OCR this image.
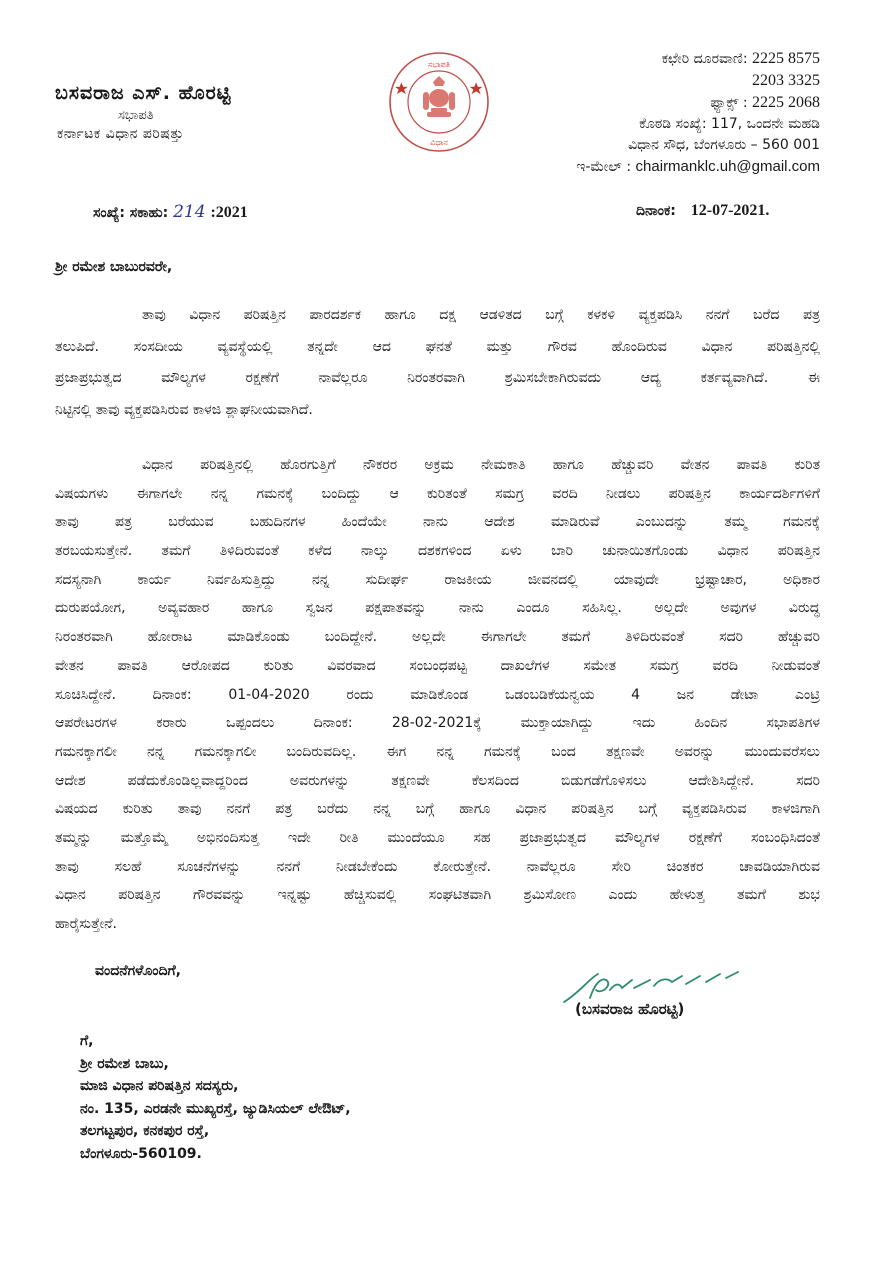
ಬಸವರಾಜ ಎಸ್. ಹೊರಟ್ಟಿ
ಸಭಾಪತಿ
ಕರ್ನಾಟಕ ವಿಧಾನ ಪರಿಷತ್ತು
ಸಭಾಪತಿ
ವಿಧಾನ
ಕಛೇರಿ ದೂರವಾಣಿ: 2225 8575
2203 3325
ಫ್ಯಾಕ್ಸ್ : 2225 2068
ಕೊಠಡಿ ಸಂಖ್ಯೆ: 117, ಒಂದನೇ ಮಹಡಿ
ವಿಧಾನ ಸೌಧ, ಬೆಂಗಳೂರು – 560 001
ಇ-ಮೇಲ್ : chairmanklc.uh@gmail.com
ಸಂಖ್ಯೆ: ಸಕಾಹು: 214 :2021	ದಿನಾಂಕ: 12-07-2021.
ಶ್ರೀ ರಮೇಶ ಬಾಬುರವರೇ,
ತಾವು ವಿಧಾನ ಪರಿಷತ್ತಿನ ಪಾರದರ್ಶಕ ಹಾಗೂ ದಕ್ಷ ಆಡಳಿತದ ಬಗ್ಗೆ ಕಳಕಳಿ ವ್ಯಕ್ತಪಡಿಸಿ ನನಗೆ ಬರೆದ ಪತ್ರ
ತಲುಪಿದೆ. ಸಂಸದೀಯ ವ್ಯವಸ್ಥೆಯಲ್ಲಿ ತನ್ನದೇ ಆದ ಘನತೆ ಮತ್ತು ಗೌರವ ಹೊಂದಿರುವ ವಿಧಾನ ಪರಿಷತ್ತಿನಲ್ಲಿ
ಪ್ರಜಾಪ್ರಭುತ್ವದ ಮೌಲ್ಯಗಳ ರಕ್ಷಣೆಗೆ ನಾವೆಲ್ಲರೂ ನಿರಂತರವಾಗಿ ಶ್ರಮಿಸಬೇಕಾಗಿರುವದು ಆದ್ಯ ಕರ್ತವ್ಯವಾಗಿದೆ. ಈ
ನಿಟ್ಟಿನಲ್ಲಿ ತಾವು ವ್ಯಕ್ತಪಡಿಸಿರುವ ಕಾಳಜಿ ಶ್ಲಾಘನೀಯವಾಗಿದೆ.
ವಿಧಾನ ಪರಿಷತ್ತಿನಲ್ಲಿ ಹೊರಗುತ್ತಿಗೆ ನೌಕರರ ಅಕ್ರಮ ನೇಮಕಾತಿ ಹಾಗೂ ಹೆಚ್ಚುವರಿ ವೇತನ ಪಾವತಿ ಕುರಿತ
ವಿಷಯಗಳು ಈಗಾಗಲೇ ನನ್ನ ಗಮನಕ್ಕೆ ಬಂದಿದ್ದು ಆ ಕುರಿತಂತೆ ಸಮಗ್ರ ವರದಿ ನೀಡಲು ಪರಿಷತ್ತಿನ ಕಾರ್ಯದರ್ಶಿಗಳಿಗೆ
ತಾವು ಪತ್ರ ಬರೆಯುವ ಬಹುದಿನಗಳ ಹಿಂದೆಯೇ ನಾನು ಆದೇಶ ಮಾಡಿರುವೆ ಎಂಬುದನ್ನು ತಮ್ಮ ಗಮನಕ್ಕೆ
ತರಬಯಸುತ್ತೇನೆ. ತಮಗೆ ತಿಳಿದಿರುವಂತೆ ಕಳೆದ ನಾಲ್ಕು ದಶಕಗಳಿಂದ ಏಳು ಬಾರಿ ಚುನಾಯಿತಗೊಂಡು ವಿಧಾನ ಪರಿಷತ್ತಿನ
ಸದಸ್ಯನಾಗಿ ಕಾರ್ಯ ನಿರ್ವಹಿಸುತ್ತಿದ್ದು ನನ್ನ ಸುದೀರ್ಘ ರಾಜಕೀಯ ಜೀವನದಲ್ಲಿ ಯಾವುದೇ ಭ್ರಷ್ಟಾಚಾರ, ಅಧಿಕಾರ
ದುರುಪಯೋಗ, ಅವ್ಯವಹಾರ ಹಾಗೂ ಸ್ವಜನ ಪಕ್ಷಪಾತವನ್ನು ನಾನು ಎಂದೂ ಸಹಿಸಿಲ್ಲ. ಅಲ್ಲದೇ ಅವುಗಳ ವಿರುದ್ಧ
ನಿರಂತರವಾಗಿ ಹೋರಾಟ ಮಾಡಿಕೊಂಡು ಬಂದಿದ್ದೇನೆ. ಅಲ್ಲದೇ ಈಗಾಗಲೇ ತಮಗೆ ತಿಳಿದಿರುವಂತೆ ಸದರಿ ಹೆಚ್ಚುವರಿ
ವೇತನ ಪಾವತಿ ಆರೋಪದ ಕುರಿತು ವಿವರವಾದ ಸಂಬಂಧಪಟ್ಟ ದಾಖಲೆಗಳ ಸಮೇತ ಸಮಗ್ರ ವರದಿ ನೀಡುವಂತೆ
ಸೂಚಿಸಿದ್ದೇನೆ. ದಿನಾಂಕ: 01-04-2020 ರಂದು ಮಾಡಿಕೊಂಡ ಒಡಂಬಡಿಕೆಯನ್ವಯ 4 ಜನ ಡೇಟಾ ಎಂಟ್ರಿ
ಆಪರೇಟರಗಳ ಕರಾರು ಒಪ್ಪಂದಲು ದಿನಾಂಕ: 28-02-2021ಕ್ಕೆ ಮುಕ್ತಾಯಾಗಿದ್ದು ಇದು ಹಿಂದಿನ ಸಭಾಪತಿಗಳ
ಗಮನಕ್ಕಾಗಲೀ ನನ್ನ ಗಮನಕ್ಕಾಗಲೀ ಬಂದಿರುವದಿಲ್ಲ. ಈಗ ನನ್ನ ಗಮನಕ್ಕೆ ಬಂದ ತಕ್ಷಣವೇ ಅವರನ್ನು ಮುಂದುವರೆಸಲು
ಆದೇಶ ಪಡೆದುಕೊಂಡಿಲ್ಲವಾದ್ದರಿಂದ ಅವರುಗಳನ್ನು ತಕ್ಷಣವೇ ಕೆಲಸದಿಂದ ಬಿಡುಗಡೆಗೊಳಿಸಲು ಆದೇಶಿಸಿದ್ದೇನೆ. ಸದರಿ
ವಿಷಯದ ಕುರಿತು ತಾವು ನನಗೆ ಪತ್ರ ಬರೆದು ನನ್ನ ಬಗ್ಗೆ ಹಾಗೂ ವಿಧಾನ ಪರಿಷತ್ತಿನ ಬಗ್ಗೆ ವ್ಯಕ್ತಪಡಿಸಿರುವ ಕಾಳಜಿಗಾಗಿ
ತಮ್ಮನ್ನು ಮತ್ತೊಮ್ಮೆ ಅಭಿನಂದಿಸುತ್ತ ಇದೇ ರೀತಿ ಮುಂದೆಯೂ ಸಹ ಪ್ರಜಾಪ್ರಭುತ್ವದ ಮೌಲ್ಯಗಳ ರಕ್ಷಣೆಗೆ ಸಂಬಂಧಿಸಿದಂತೆ
ತಾವು ಸಲಹೆ ಸೂಚನೆಗಳನ್ನು ನನಗೆ ನೀಡಬೇಕೆಂದು ಕೋರುತ್ತೇನೆ. ನಾವೆಲ್ಲರೂ ಸೇರಿ ಚಿಂತಕರ ಚಾವಡಿಯಾಗಿರುವ
ವಿಧಾನ ಪರಿಷತ್ತಿನ ಗೌರವವನ್ನು ಇನ್ನಷ್ಟು ಹೆಚ್ಚಿಸುವಲ್ಲಿ ಸಂಘಟಿತವಾಗಿ ಶ್ರಮಿಸೋಣ ಎಂದು ಹೇಳುತ್ತ ತಮಗೆ ಶುಭ
ಹಾರೈಸುತ್ತೇನೆ.
ವಂದನೆಗಳೊಂದಿಗೆ,
(ಬಸವರಾಜ ಹೊರಟ್ಟಿ)
ಗೆ,
ಶ್ರೀ ರಮೇಶ ಬಾಬು,
ಮಾಜಿ ವಿಧಾನ ಪರಿಷತ್ತಿನ ಸದಸ್ಯರು,
ನಂ. 135, ಎರಡನೇ ಮುಖ್ಯರಸ್ತೆ, ಜ್ಯುಡಿಸಿಯಲ್ ಲೇಔಟ್,
ತಲಗಟ್ಟಪುರ, ಕನಕಪುರ ರಸ್ತೆ,
ಬೆಂಗಳೂರು-560109.
